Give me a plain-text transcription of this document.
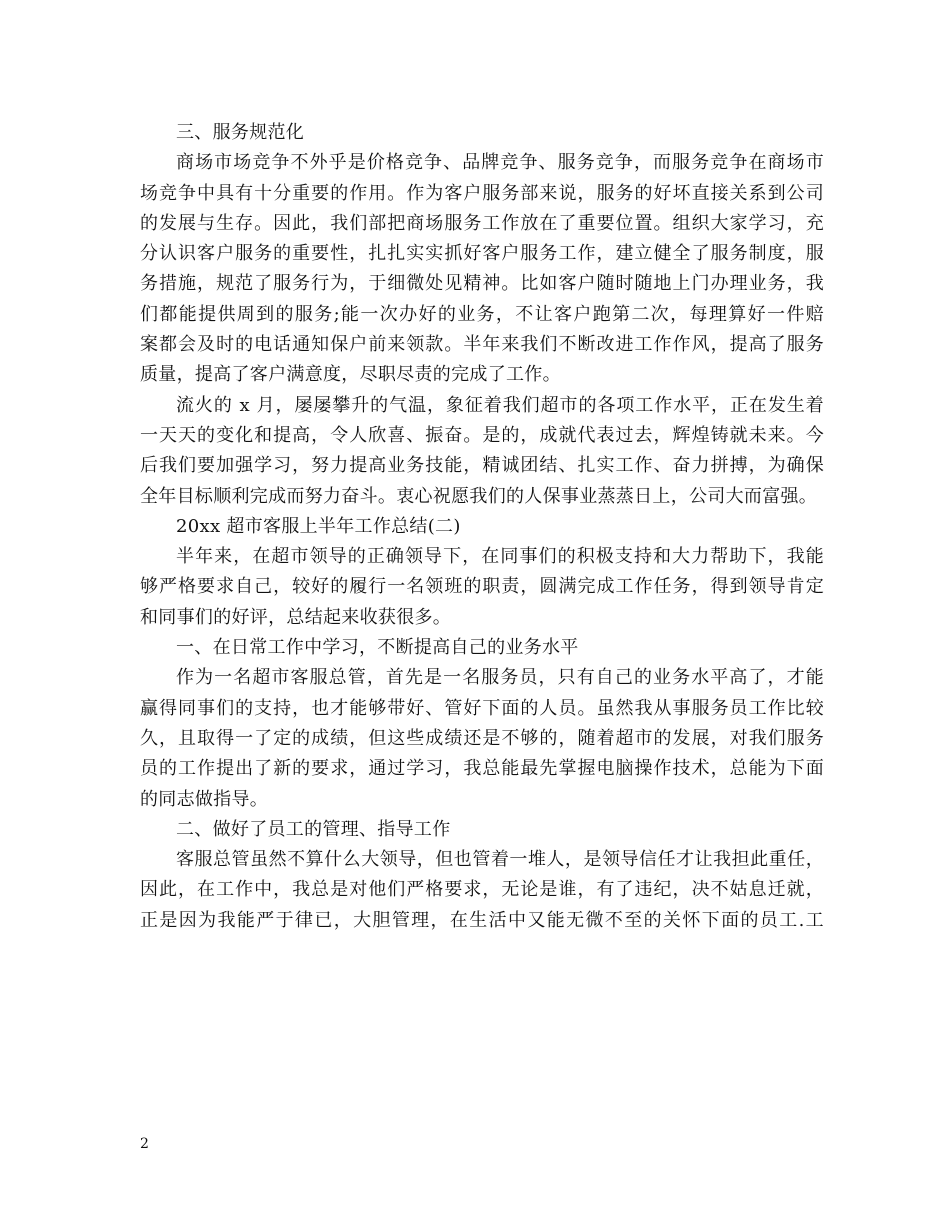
三、服务规范化
商场市场竞争不外乎是价格竞争、品牌竞争、服务竞争，而服务竞争在商场市
场竞争中具有十分重要的作用。作为客户服务部来说，服务的好坏直接关系到公司
的发展与生存。因此，我们部把商场服务工作放在了重要位置。组织大家学习，充
分认识客户服务的重要性，扎扎实实抓好客户服务工作，建立健全了服务制度，服
务措施，规范了服务行为，于细微处见精神。比如客户随时随地上门办理业务，我
们都能提供周到的服务;能一次办好的业务，不让客户跑第二次，每理算好一件赔
案都会及时的电话通知保户前来领款。半年来我们不断改进工作作风，提高了服务
质量，提高了客户满意度，尽职尽责的完成了工作。
流火的 x 月，屡屡攀升的气温，象征着我们超市的各项工作水平，正在发生着
一天天的变化和提高，令人欣喜、振奋。是的，成就代表过去，辉煌铸就未来。今
后我们要加强学习，努力提高业务技能，精诚团结、扎实工作、奋力拼搏，为确保
全年目标顺利完成而努力奋斗。衷心祝愿我们的人保事业蒸蒸日上，公司大而富强。
20xx 超市客服上半年工作总结(二)
半年来，在超市领导的正确领导下，在同事们的积极支持和大力帮助下，我能
够严格要求自己，较好的履行一名领班的职责，圆满完成工作任务，得到领导肯定
和同事们的好评，总结起来收获很多。
一、在日常工作中学习，不断提高自己的业务水平
作为一名超市客服总管，首先是一名服务员，只有自己的业务水平高了，才能
赢得同事们的支持，也才能够带好、管好下面的人员。虽然我从事服务员工作比较
久，且取得一了定的成绩，但这些成绩还是不够的，随着超市的发展，对我们服务
员的工作提出了新的要求，通过学习，我总能最先掌握电脑操作技术，总能为下面
的同志做指导。
二、做好了员工的管理、指导工作
客服总管虽然不算什么大领导，但也管着一堆人，是领导信任才让我担此重任，
因此，在工作中，我总是对他们严格要求，无论是谁，有了违纪，决不姑息迁就，
正是因为我能严于律已，大胆管理，在生活中又能无微不至的关怀下面的员工.工
2
